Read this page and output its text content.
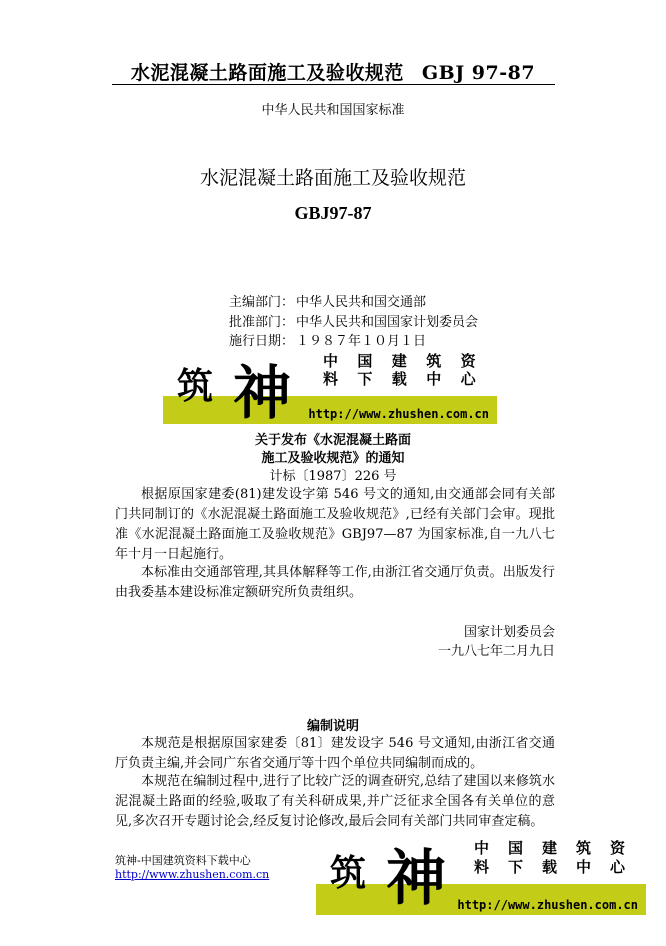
水泥混凝土路面施工及验收规范 GBJ 97-87
中华人民共和国国家标准
水泥混凝土路面施工及验收规范
GBJ97-87
主编部门： 中华人民共和国交通部
批准部门： 中华人民共和国国家计划委员会
施行日期： １９８７年１０月１日
筑 神 中	国	建	筑	资
料	下	载	中	心
http://www.zhushen.com.cn
关于发布《水泥混凝土路面
施工及验收规范》的通知
计标〔1987〕226 号
根据原国家建委(81)建发设字第 546 号文的通知,由交通部会同有关部门共同制订的《水泥混凝土路面施工及验收规范》,已经有关部门会审。现批准《水泥混凝土路面施工及验收规范》GBJ97—87 为国家标准,自一九八七年十月一日起施行。
本标准由交通部管理,其具体解释等工作,由浙江省交通厅负责。出版发行由我委基本建设标准定额研究所负责组织。
国家计划委员会
一九八七年二月九日
编制说明
本规范是根据原国家建委〔81〕建发设字 546 号文通知,由浙江省交通厅负责主编,并会同广东省交通厅等十四个单位共同编制而成的。
本规范在编制过程中,进行了比较广泛的调查研究,总结了建国以来修筑水泥混凝土路面的经验,吸取了有关科研成果,并广泛征求全国各有关单位的意见,多次召开专题讨论会,经反复讨论修改,最后会同有关部门共同审查定稿。
筑神-中国建筑资料下载中心
http://www.zhushen.com.cn 筑 神 中	国	建	筑	资
料	下	载	中	心
http://www.zhushen.com.cn
